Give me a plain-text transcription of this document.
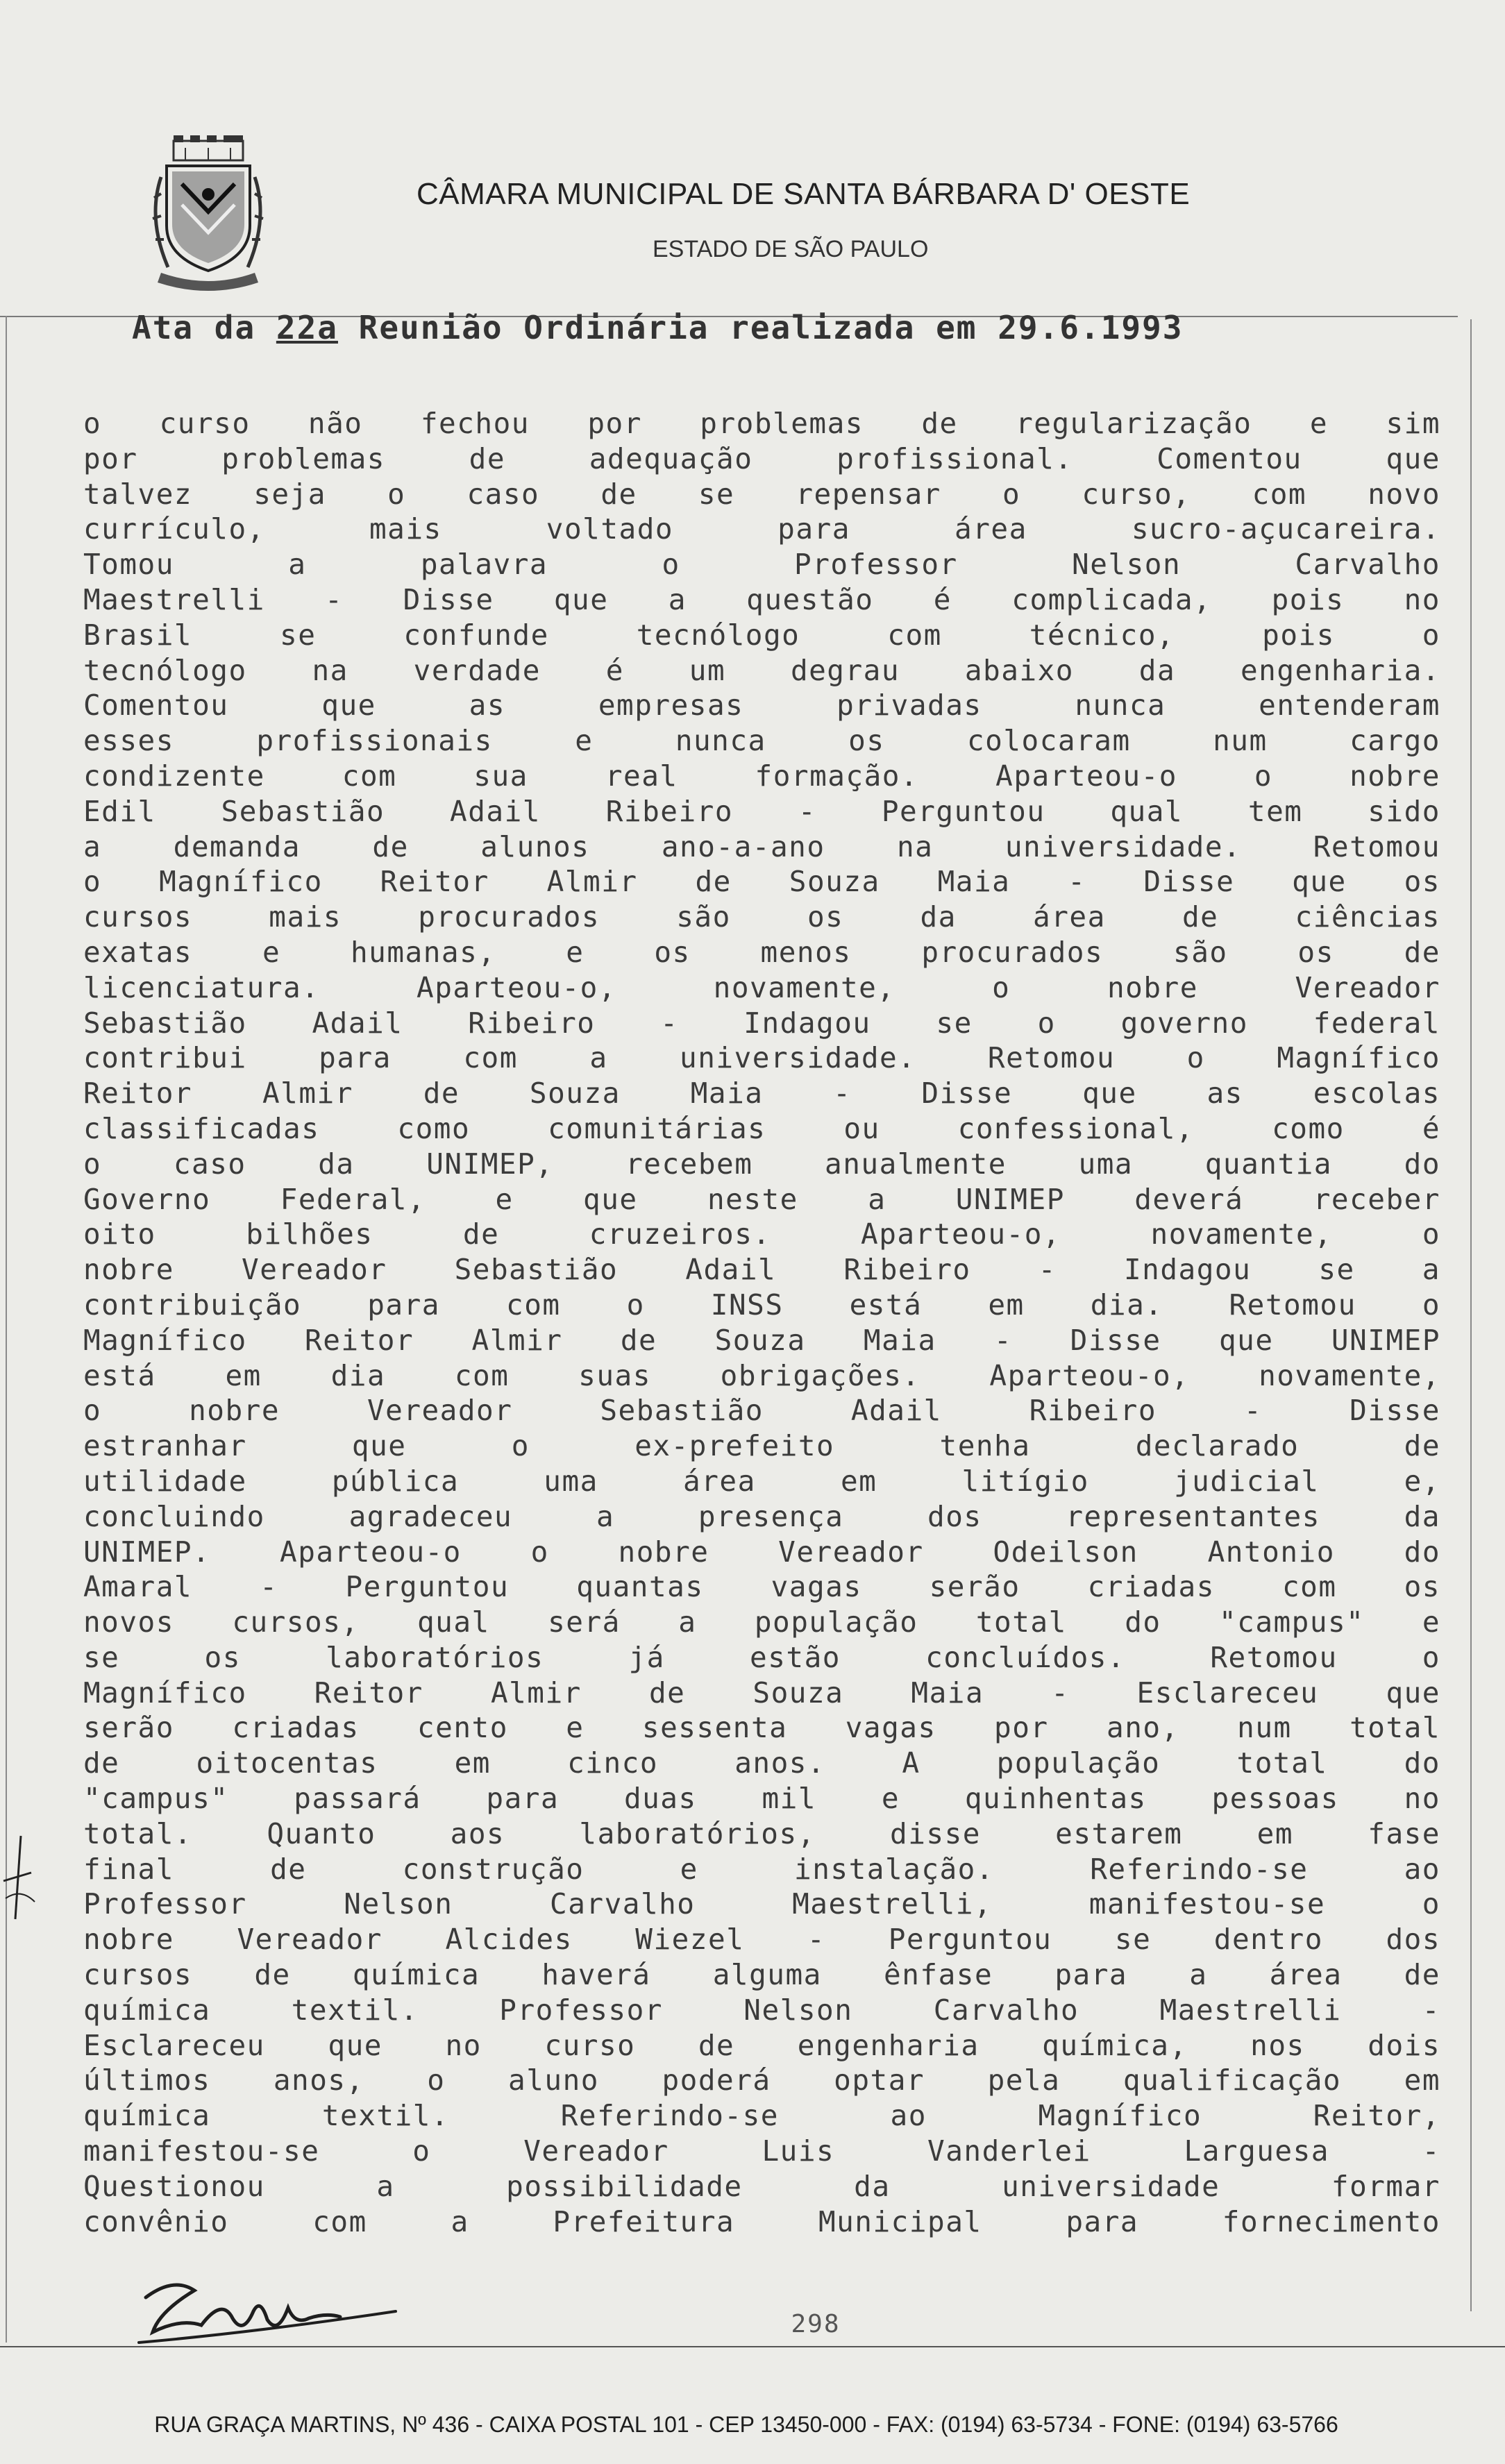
CÂMARA MUNICIPAL DE SANTA BÁRBARA D' OESTE
ESTADO DE SÃO PAULO
Ata da 22a Reunião Ordinária realizada em 29.6.1993
o curso não fechou por problemas de regularização e sim
por problemas de adequação profissional. Comentou que
talvez seja o caso de se repensar o curso, com novo
currículo, mais voltado para área sucro-açucareira.
Tomou a palavra o Professor Nelson Carvalho
Maestrelli - Disse que a questão é complicada, pois no
Brasil se confunde tecnólogo com técnico, pois o
tecnólogo na verdade é um degrau abaixo da engenharia.
Comentou que as empresas privadas nunca entenderam
esses profissionais e nunca os colocaram num cargo
condizente com sua real formação. Aparteou-o o nobre
Edil Sebastião Adail Ribeiro - Perguntou qual tem sido
a demanda de alunos ano-a-ano na universidade. Retomou
o Magnífico Reitor Almir de Souza Maia - Disse que os
cursos mais procurados são os da área de ciências
exatas e humanas, e os menos procurados são os de
licenciatura. Aparteou-o, novamente, o nobre Vereador
Sebastião Adail Ribeiro - Indagou se o governo federal
contribui para com a universidade. Retomou o Magnífico
Reitor Almir de Souza Maia - Disse que as escolas
classificadas como comunitárias ou confessional, como é
o caso da UNIMEP, recebem anualmente uma quantia do
Governo Federal, e que neste a UNIMEP deverá receber
oito bilhões de cruzeiros. Aparteou-o, novamente, o
nobre Vereador Sebastião Adail Ribeiro - Indagou se a
contribuição para com o INSS está em dia. Retomou o
Magnífico Reitor Almir de Souza Maia - Disse que UNIMEP
está em dia com suas obrigações. Aparteou-o, novamente,
o nobre Vereador Sebastião Adail Ribeiro - Disse
estranhar que o ex-prefeito tenha declarado de
utilidade pública uma área em litígio judicial e,
concluindo agradeceu a presença dos representantes da
UNIMEP. Aparteou-o o nobre Vereador Odeilson Antonio do
Amaral - Perguntou quantas vagas serão criadas com os
novos cursos, qual será a população total do "campus" e
se os laboratórios já estão concluídos. Retomou o
Magnífico Reitor Almir de Souza Maia - Esclareceu que
serão criadas cento e sessenta vagas por ano, num total
de oitocentas em cinco anos. A população total do
"campus" passará para duas mil e quinhentas pessoas no
total. Quanto aos laboratórios, disse estarem em fase
final de construção e instalação. Referindo-se ao
Professor Nelson Carvalho Maestrelli, manifestou-se o
nobre Vereador Alcides Wiezel - Perguntou se dentro dos
cursos de química haverá alguma ênfase para a área de
química textil. Professor Nelson Carvalho Maestrelli -
Esclareceu que no curso de engenharia química, nos dois
últimos anos, o aluno poderá optar pela qualificação em
química textil. Referindo-se ao Magnífico Reitor,
manifestou-se o Vereador Luis Vanderlei Larguesa -
Questionou a possibilidade da universidade formar
convênio com a Prefeitura Municipal para fornecimento
298
RUA GRAÇA MARTINS, Nº 436 - CAIXA POSTAL 101 - CEP 13450-000 - FAX: (0194) 63-5734 - FONE: (0194) 63-5766
